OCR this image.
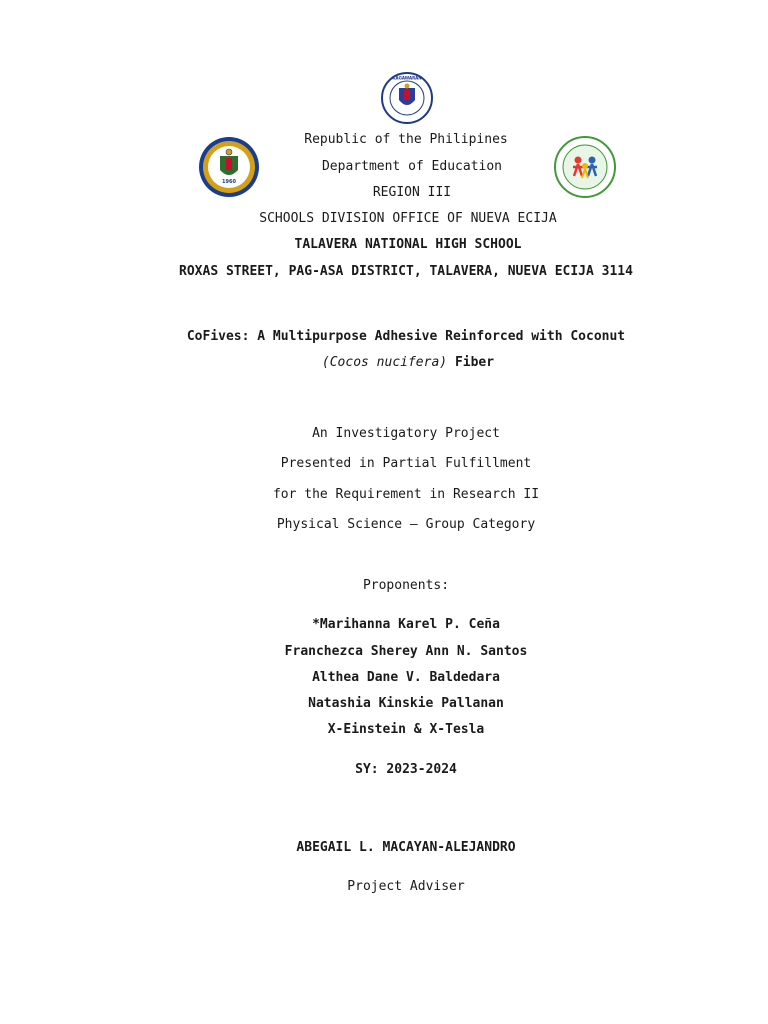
KAGAWARAN
1960
Republic of the Philipines
Department of Education
REGION III
SCHOOLS DIVISION OFFICE OF NUEVA ECIJA
TALAVERA NATIONAL HIGH SCHOOL
ROXAS STREET, PAG-ASA DISTRICT, TALAVERA, NUEVA ECIJA 3114
CoFives: A Multipurpose Adhesive Reinforced with Coconut
(Cocos nucifera) Fiber
An Investigatory Project
Presented in Partial Fulfillment
for the Requirement in Research II
Physical Science – Group Category
Proponents:
*Marihanna Karel P. Ceña
Franchezca Sherey Ann N. Santos
Althea Dane V. Baldedara
Natashia Kinskie Pallanan
X-Einstein & X-Tesla
SY: 2023-2024
ABEGAIL L. MACAYAN-ALEJANDRO
Project Adviser
